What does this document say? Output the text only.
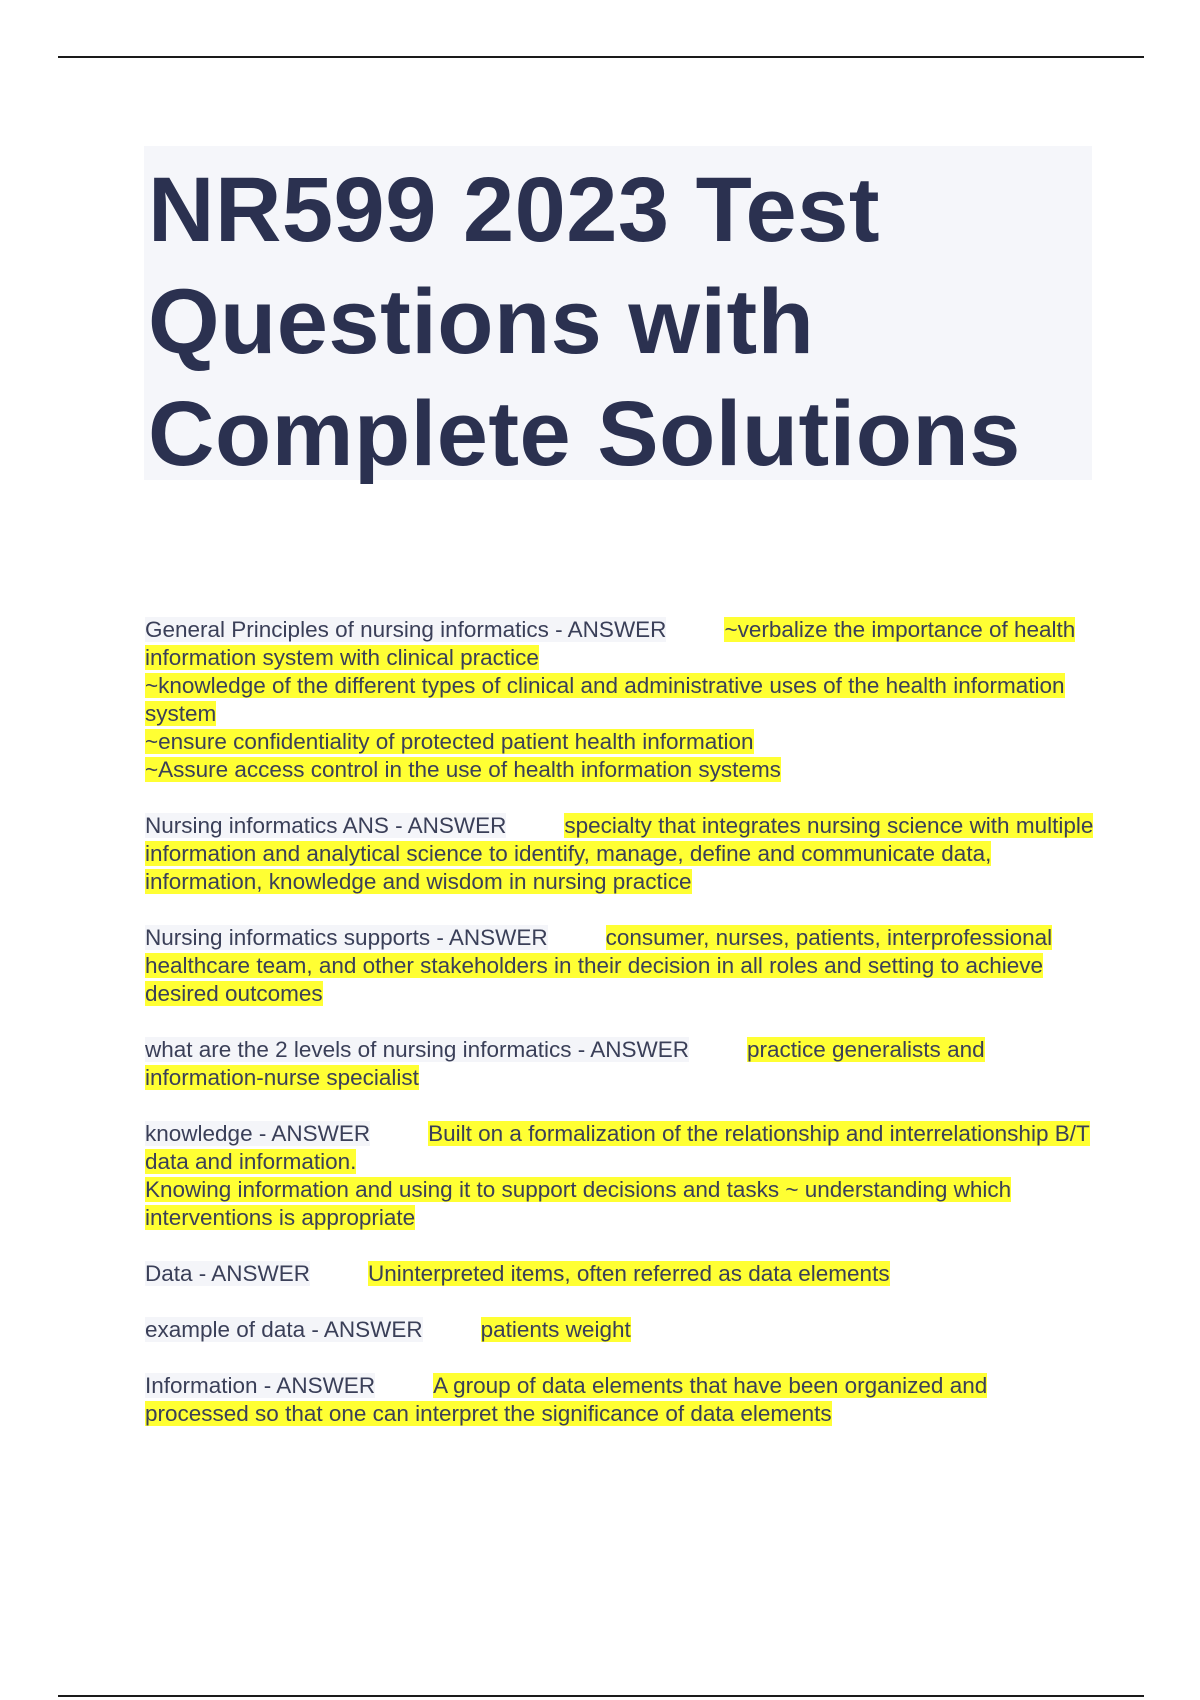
NR599 2023 Test Questions with Complete Solutions

General Principles of nursing informatics - ANSWER	~verbalize the importance of health information system with clinical practice
~knowledge of the different types of clinical and administrative uses of the health information system
~ensure confidentiality of protected patient health information
~Assure access control in the use of health information systems

Nursing informatics ANS - ANSWER	specialty that integrates nursing science with multiple information and analytical science to identify, manage, define and communicate data, information, knowledge and wisdom in nursing practice

Nursing informatics supports - ANSWER	consumer, nurses, patients, interprofessional healthcare team, and other stakeholders in their decision in all roles and setting to achieve desired outcomes

what are the 2 levels of nursing informatics - ANSWER	practice generalists and information-nurse specialist

knowledge - ANSWER	Built on a formalization of the relationship and interrelationship B/T data and information.
Knowing information and using it to support decisions and tasks ~ understanding which interventions is appropriate

Data - ANSWER	Uninterpreted items, often referred as data elements

example of data - ANSWER	patients weight

Information - ANSWER	A group of data elements that have been organized and processed so that one can interpret the significance of data elements
